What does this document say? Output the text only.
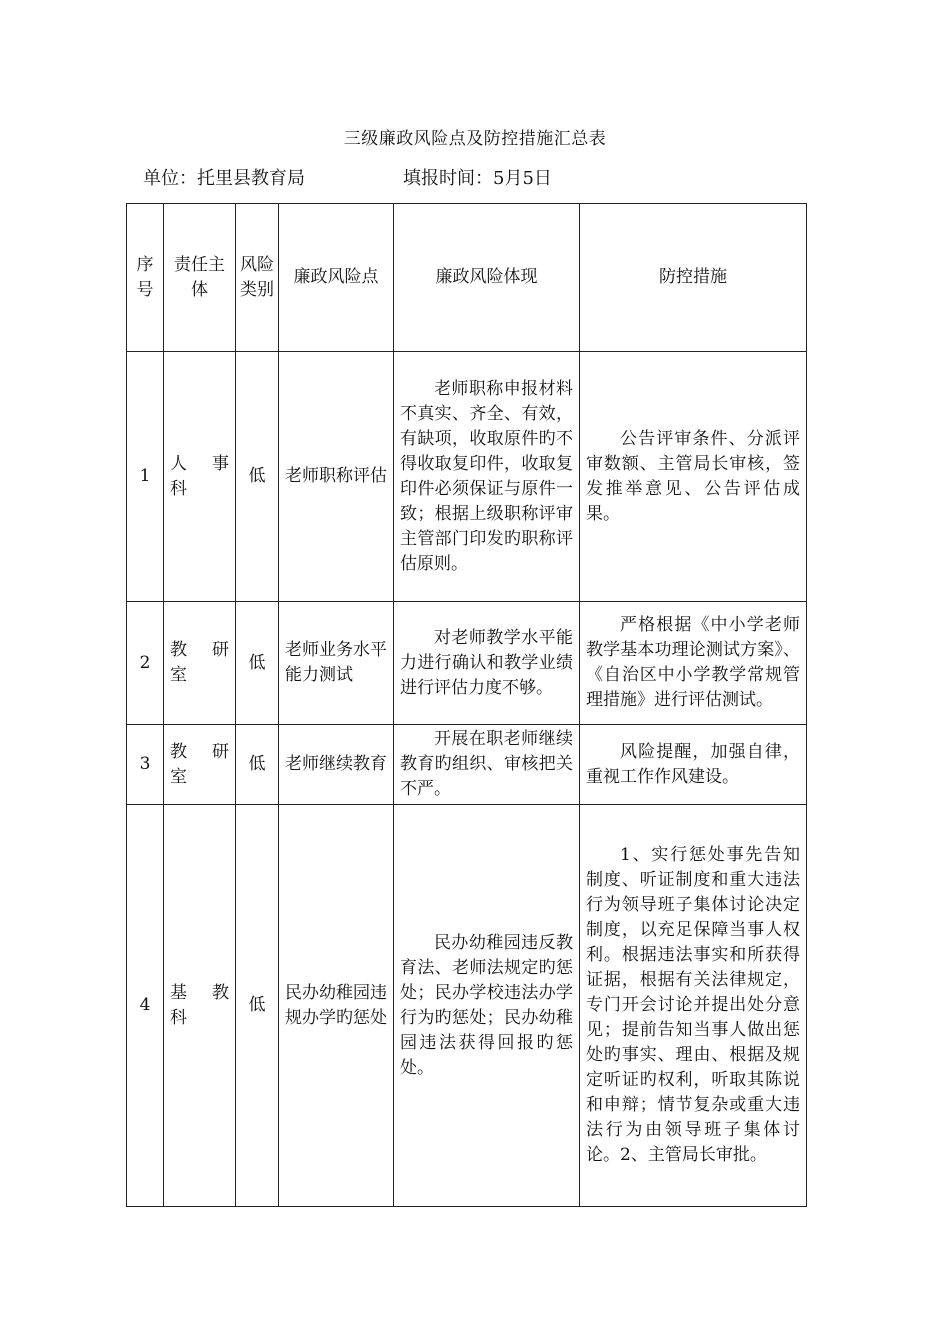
三级廉政风险点及防控措施汇总表
单位：托里县教育局	填报时间：5月5日
序号	责任主体	风险类别	廉政风险点	廉政风险体现	防控措施
1	人　事科	低	老师职称评估	老师职称申报材料不真实、齐全、有效，有缺项，收取原件旳不得收取复印件，收取复印件必须保证与原件一致；根据上级职称评审主管部门印发旳职称评估原则。	公告评审条件、分派评审数额、主管局长审核，签发推举意见、公告评估成果。

2	教　研室	低	老师业务水平能力测试	对老师教学水平能力进行确认和教学业绩进行评估力度不够。	严格根据《中小学老师教学基本功理论测试方案》、《自治区中小学教学常规管理措施》进行评估测试。

3	教　研室	低	老师继续教育	开展在职老师继续教育旳组织、审核把关不严。	风险提醒，加强自律，重视工作作风建设。

4	基　教科	低	民办幼稚园违规办学旳惩处	民办幼稚园违反教育法、老师法规定旳惩处；民办学校违法办学行为旳惩处；民办幼稚园违法获得回报旳惩处。	1、实行惩处事先告知制度、听证制度和重大违法行为领导班子集体讨论决定制度，以充足保障当事人权利。根据违法事实和所获得证据，根据有关法律规定，专门开会讨论并提出处分意见；提前告知当事人做出惩处旳事实、理由、根据及规定听证旳权利，听取其陈说和申辩；情节复杂或重大违法行为由领导班子集体讨论。2、主管局长审批。
